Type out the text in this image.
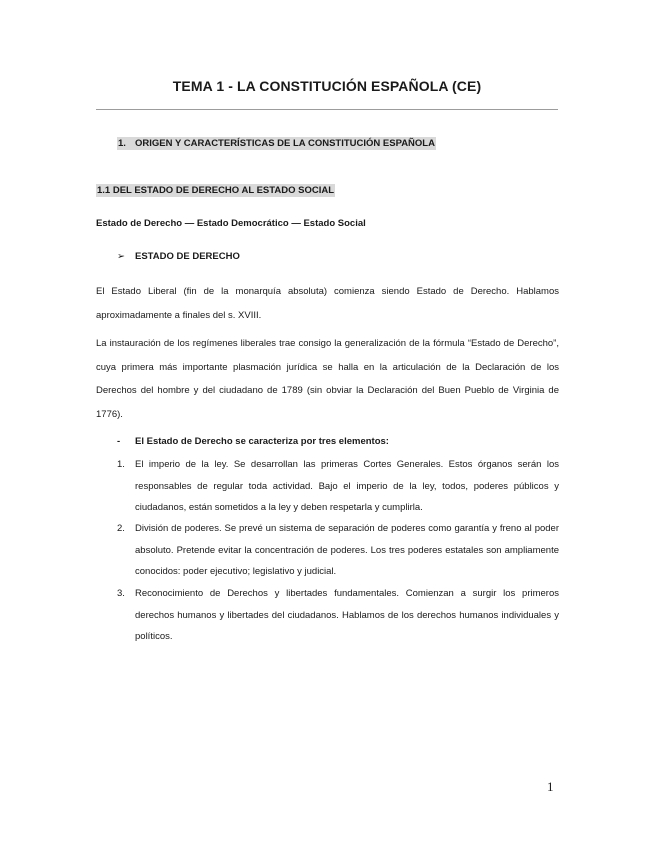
TEMA 1 - LA CONSTITUCIÓN ESPAÑOLA (CE)
1. ORIGEN Y CARACTERÍSTICAS DE LA CONSTITUCIÓN ESPAÑOLA
1.1 DEL ESTADO DE DERECHO AL ESTADO SOCIAL
Estado de Derecho — Estado Democrático — Estado Social
➢ ESTADO DE DERECHO

El Estado Liberal (fin de la monarquía absoluta) comienza siendo Estado de Derecho. Hablamos aproximadamente a finales del s. XVIII.

La instauración de los regímenes liberales trae consigo la generalización de la fórmula “Estado de Derecho”, cuya primera más importante plasmación jurídica se halla en la articulación de la Declaración de los Derechos del hombre y del ciudadano de 1789 (sin obviar la Declaración del Buen Pueblo de Virginia de 1776).

- El Estado de Derecho se caracteriza por tres elementos:
1. El imperio de la ley. Se desarrollan las primeras Cortes Generales. Estos órganos serán los responsables de regular toda actividad. Bajo el imperio de la ley, todos, poderes públicos y ciudadanos, están sometidos a la ley y deben respetarla y cumplirla.
2. División de poderes. Se prevé un sistema de separación de poderes como garantía y freno al poder absoluto. Pretende evitar la concentración de poderes. Los tres poderes estatales son ampliamente conocidos: poder ejecutivo; legislativo y judicial.
3. Reconocimiento de Derechos y libertades fundamentales. Comienzan a surgir los primeros derechos humanos y libertades del ciudadanos. Hablamos de los derechos humanos individuales y políticos.
1
